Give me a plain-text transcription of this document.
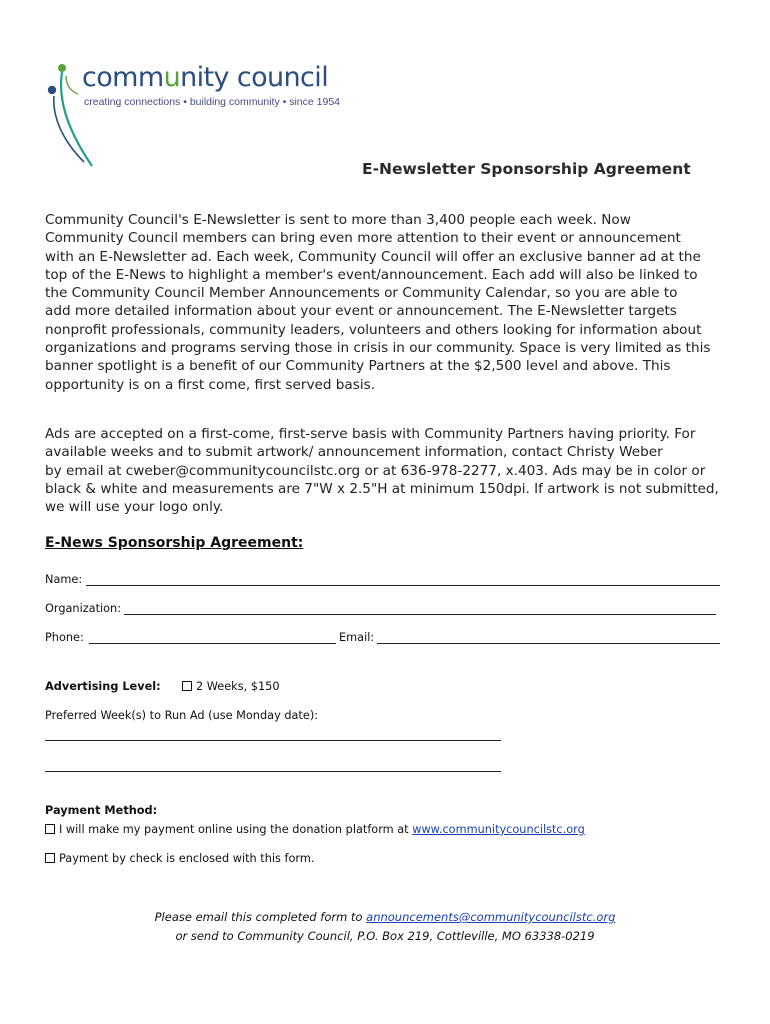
community council
creating connections • building community • since 1954
E-Newsletter Sponsorship Agreement
Community Council's E-Newsletter is sent to more than 3,400 people each week. Now
Community Council members can bring even more attention to their event or announcement
with an E-Newsletter ad. Each week, Community Council will offer an exclusive banner ad at the
top of the E-News to highlight a member's event/announcement. Each add will also be linked to
the Community Council Member Announcements or Community Calendar, so you are able to
add more detailed information about your event or announcement. The E-Newsletter targets
nonprofit professionals, community leaders, volunteers and others looking for information about
organizations and programs serving those in crisis in our community. Space is very limited as this
banner spotlight is a benefit of our Community Partners at the $2,500 level and above. This
opportunity is on a first come, first served basis.
Ads are accepted on a first-come, first-serve basis with Community Partners having priority. For
available weeks and to submit artwork/ announcement information, contact Christy Weber
by email at cweber@communitycouncilstc.org or at 636-978-2277, x.403. Ads may be in color or
black & white and measurements are 7"W x 2.5"H at minimum 150dpi. If artwork is not submitted,
we will use your logo only.
E-News Sponsorship Agreement:
Name:
Organization:
Phone:	Email:
Advertising Level:	2 Weeks, $150
Preferred Week(s) to Run Ad (use Monday date):
Payment Method:
I will make my payment online using the donation platform at www.communitycouncilstc.org
Payment by check is enclosed with this form.
Please email this completed form to announcements@communitycouncilstc.org
or send to Community Council, P.O. Box 219, Cottleville, MO 63338-0219
